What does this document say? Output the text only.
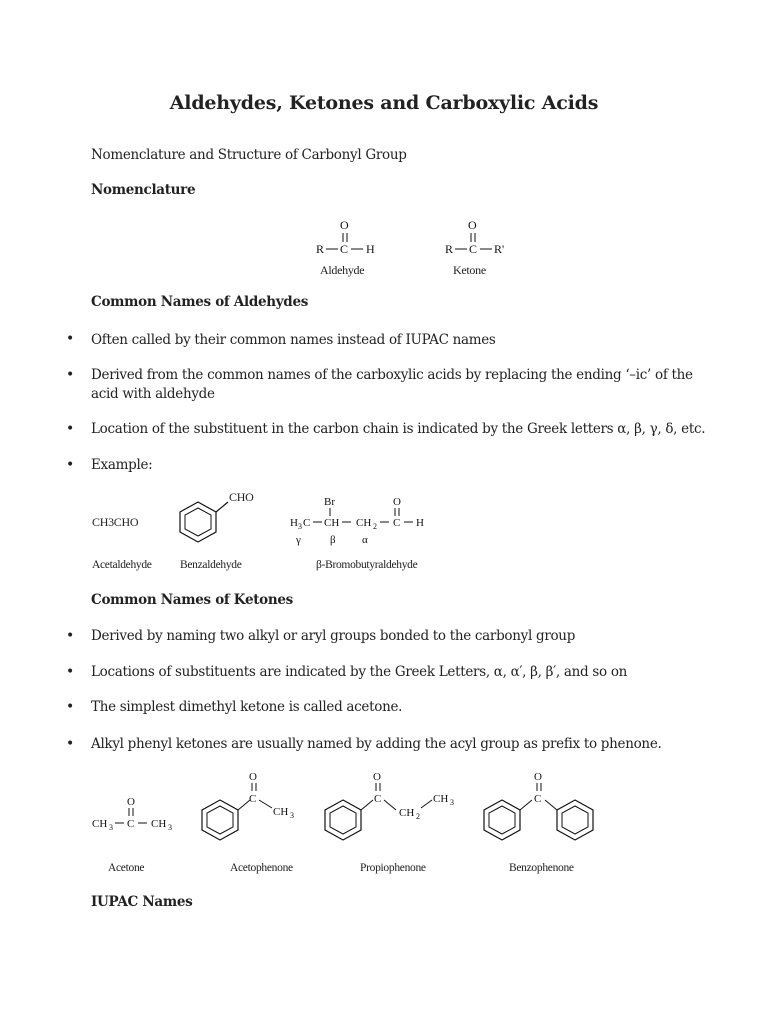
Aldehydes, Ketones and Carboxylic Acids
Nomenclature and Structure of Carbonyl Group
Nomenclature
O
R C H
O
R C R'
Br	O
H 3 C CH CH 2 C H
γ	β α
O
CH 3 C CH 3
O
C
CH 3
O
C
CH 2
CH 3
O
C
Aldehyde	Ketone
Common Names of Aldehydes
• Often called by their common names instead of IUPAC names
• Derived from the common names of the carboxylic acids by replacing the ending ‘–ic’ of the acid with aldehyde
• Location of the substituent in the carbon chain is indicated by the Greek letters α, β, γ, δ, etc.
• Example:
CH3CHO
CHO
Acetaldehyde Benzaldehyde	β-Bromobutyraldehyde
Common Names of Ketones
• Derived by naming two alkyl or aryl groups bonded to the carbonyl group
• Locations of substituents are indicated by the Greek Letters, α, α′, β, β′, and so on
• The simplest dimethyl ketone is called acetone.
• Alkyl phenyl ketones are usually named by adding the acyl group as prefix to phenone.
Acetone	Acetophenone	Propiophenone	Benzophenone
IUPAC Names
